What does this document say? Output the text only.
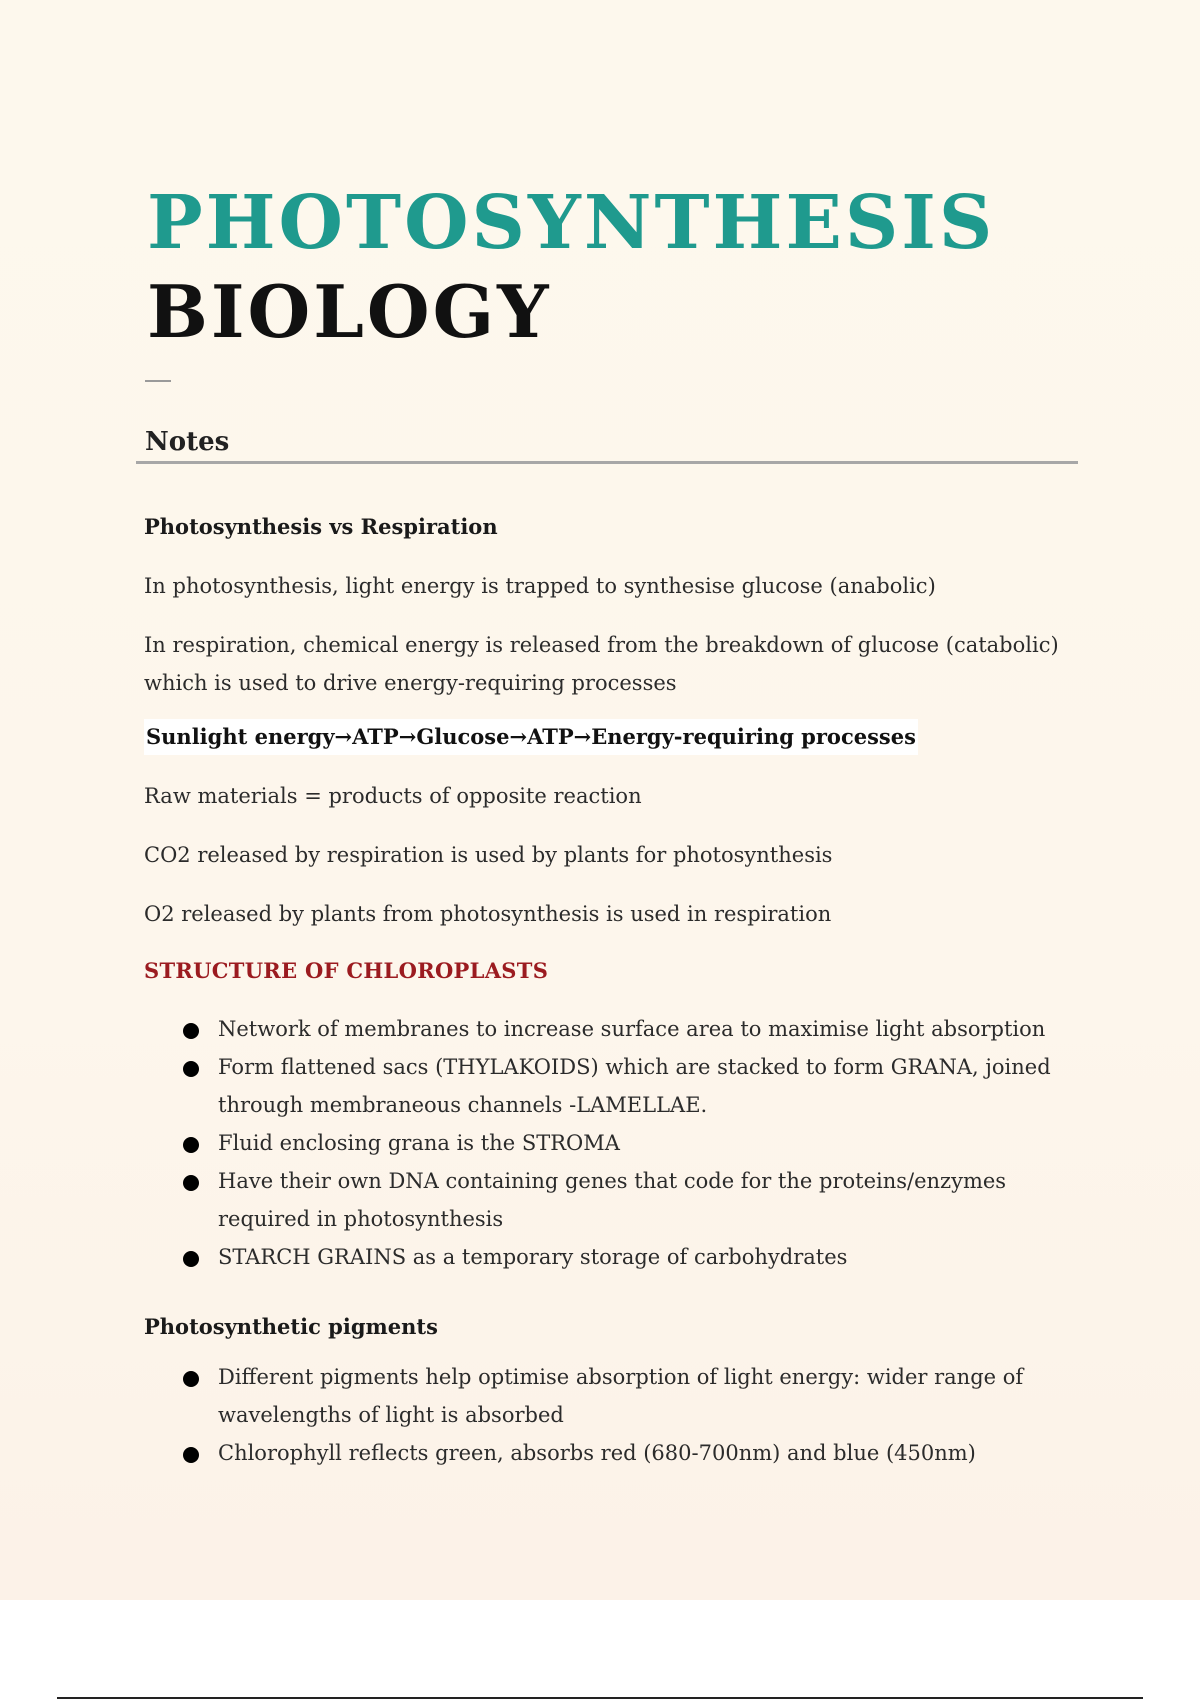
PHOTOSYNTHESIS
BIOLOGY
Notes

Photosynthesis vs Respiration

In photosynthesis, light energy is trapped to synthesise glucose (anabolic)

In respiration, chemical energy is released from the breakdown of glucose (catabolic) which is used to drive energy-requiring processes

Sunlight energy→ATP→Glucose→ATP→Energy-requiring processes

Raw materials = products of opposite reaction

CO2 released by respiration is used by plants for photosynthesis

O2 released by plants from photosynthesis is used in respiration

STRUCTURE OF CHLOROPLASTS

Network of membranes to increase surface area to maximise light absorption
Form flattened sacs (THYLAKOIDS) which are stacked to form GRANA, joined through membraneous channels -LAMELLAE.
Fluid enclosing grana is the STROMA
Have their own DNA containing genes that code for the proteins/enzymes required in photosynthesis
STARCH GRAINS as a temporary storage of carbohydrates

Photosynthetic pigments

Different pigments help optimise absorption of light energy: wider range of wavelengths of light is absorbed
Chlorophyll reflects green, absorbs red (680-700nm) and blue (450nm)
